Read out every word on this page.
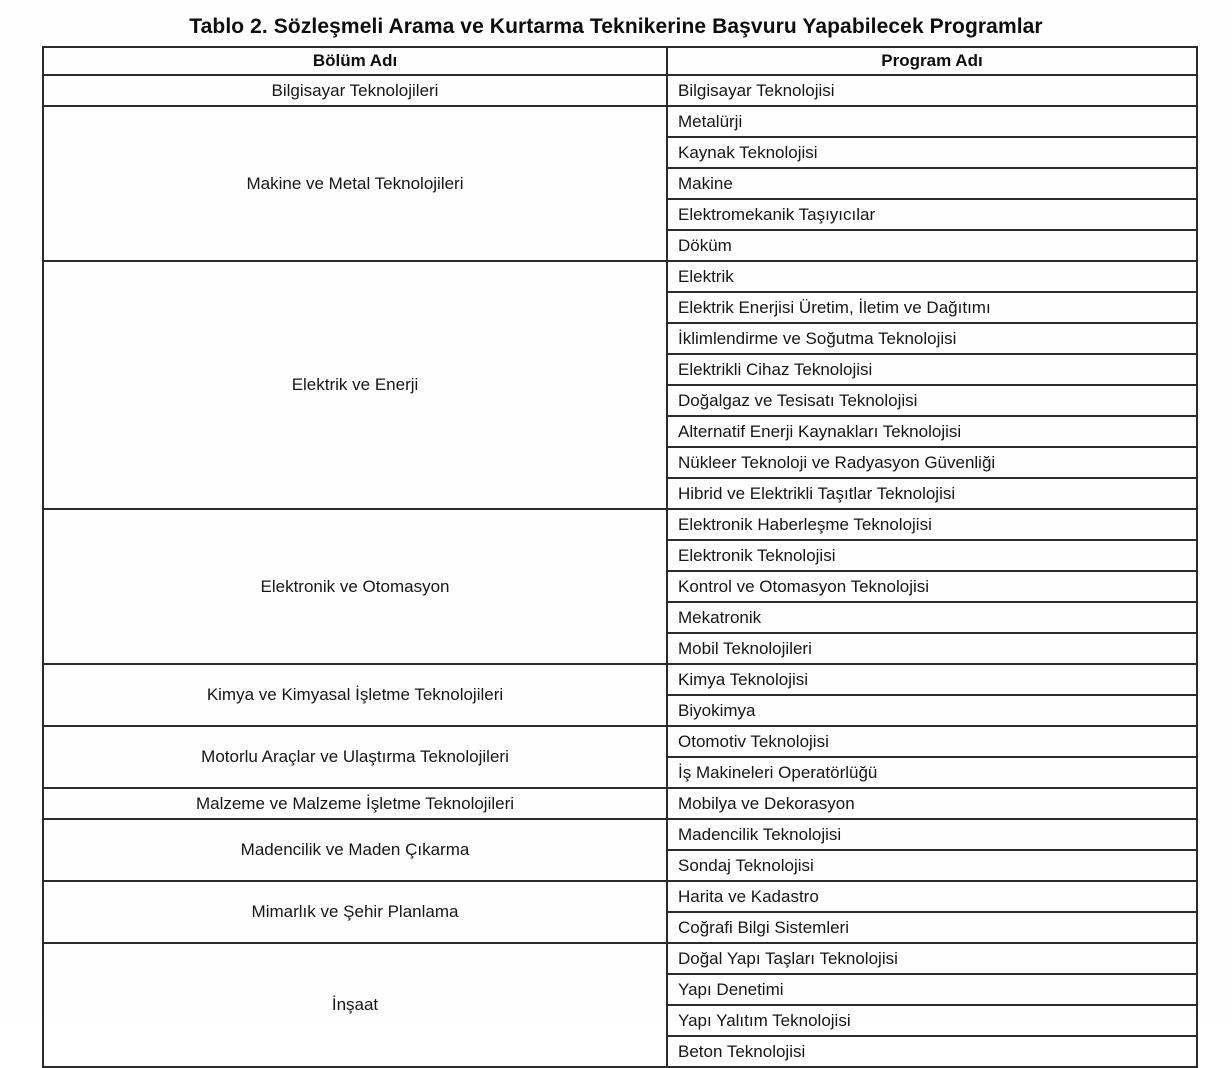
Tablo 2. Sözleşmeli Arama ve Kurtarma Teknikerine Başvuru Yapabilecek Programlar
Bölüm Adı	Program Adı
Bilgisayar Teknolojileri	Bilgisayar Teknolojisi
Makine ve Metal Teknolojileri	Metalürji
	Kaynak Teknolojisi
	Makine
	Elektromekanik Taşıyıcılar
	Döküm
Elektrik ve Enerji	Elektrik
	Elektrik Enerjisi Üretim, İletim ve Dağıtımı
	İklimlendirme ve Soğutma Teknolojisi
	Elektrikli Cihaz Teknolojisi
	Doğalgaz ve Tesisatı Teknolojisi
	Alternatif Enerji Kaynakları Teknolojisi
	Nükleer Teknoloji ve Radyasyon Güvenliği
	Hibrid ve Elektrikli Taşıtlar Teknolojisi
Elektronik ve Otomasyon	Elektronik Haberleşme Teknolojisi
	Elektronik Teknolojisi
	Kontrol ve Otomasyon Teknolojisi
	Mekatronik
	Mobil Teknolojileri
Kimya ve Kimyasal İşletme Teknolojileri	Kimya Teknolojisi
	Biyokimya
Motorlu Araçlar ve Ulaştırma Teknolojileri	Otomotiv Teknolojisi
	İş Makineleri Operatörlüğü
Malzeme ve Malzeme İşletme Teknolojileri	Mobilya ve Dekorasyon
Madencilik ve Maden Çıkarma	Madencilik Teknolojisi
	Sondaj Teknolojisi
Mimarlık ve Şehir Planlama	Harita ve Kadastro
	Coğrafi Bilgi Sistemleri
İnşaat	Doğal Yapı Taşları Teknolojisi
	Yapı Denetimi
	Yapı Yalıtım Teknolojisi
	Beton Teknolojisi
